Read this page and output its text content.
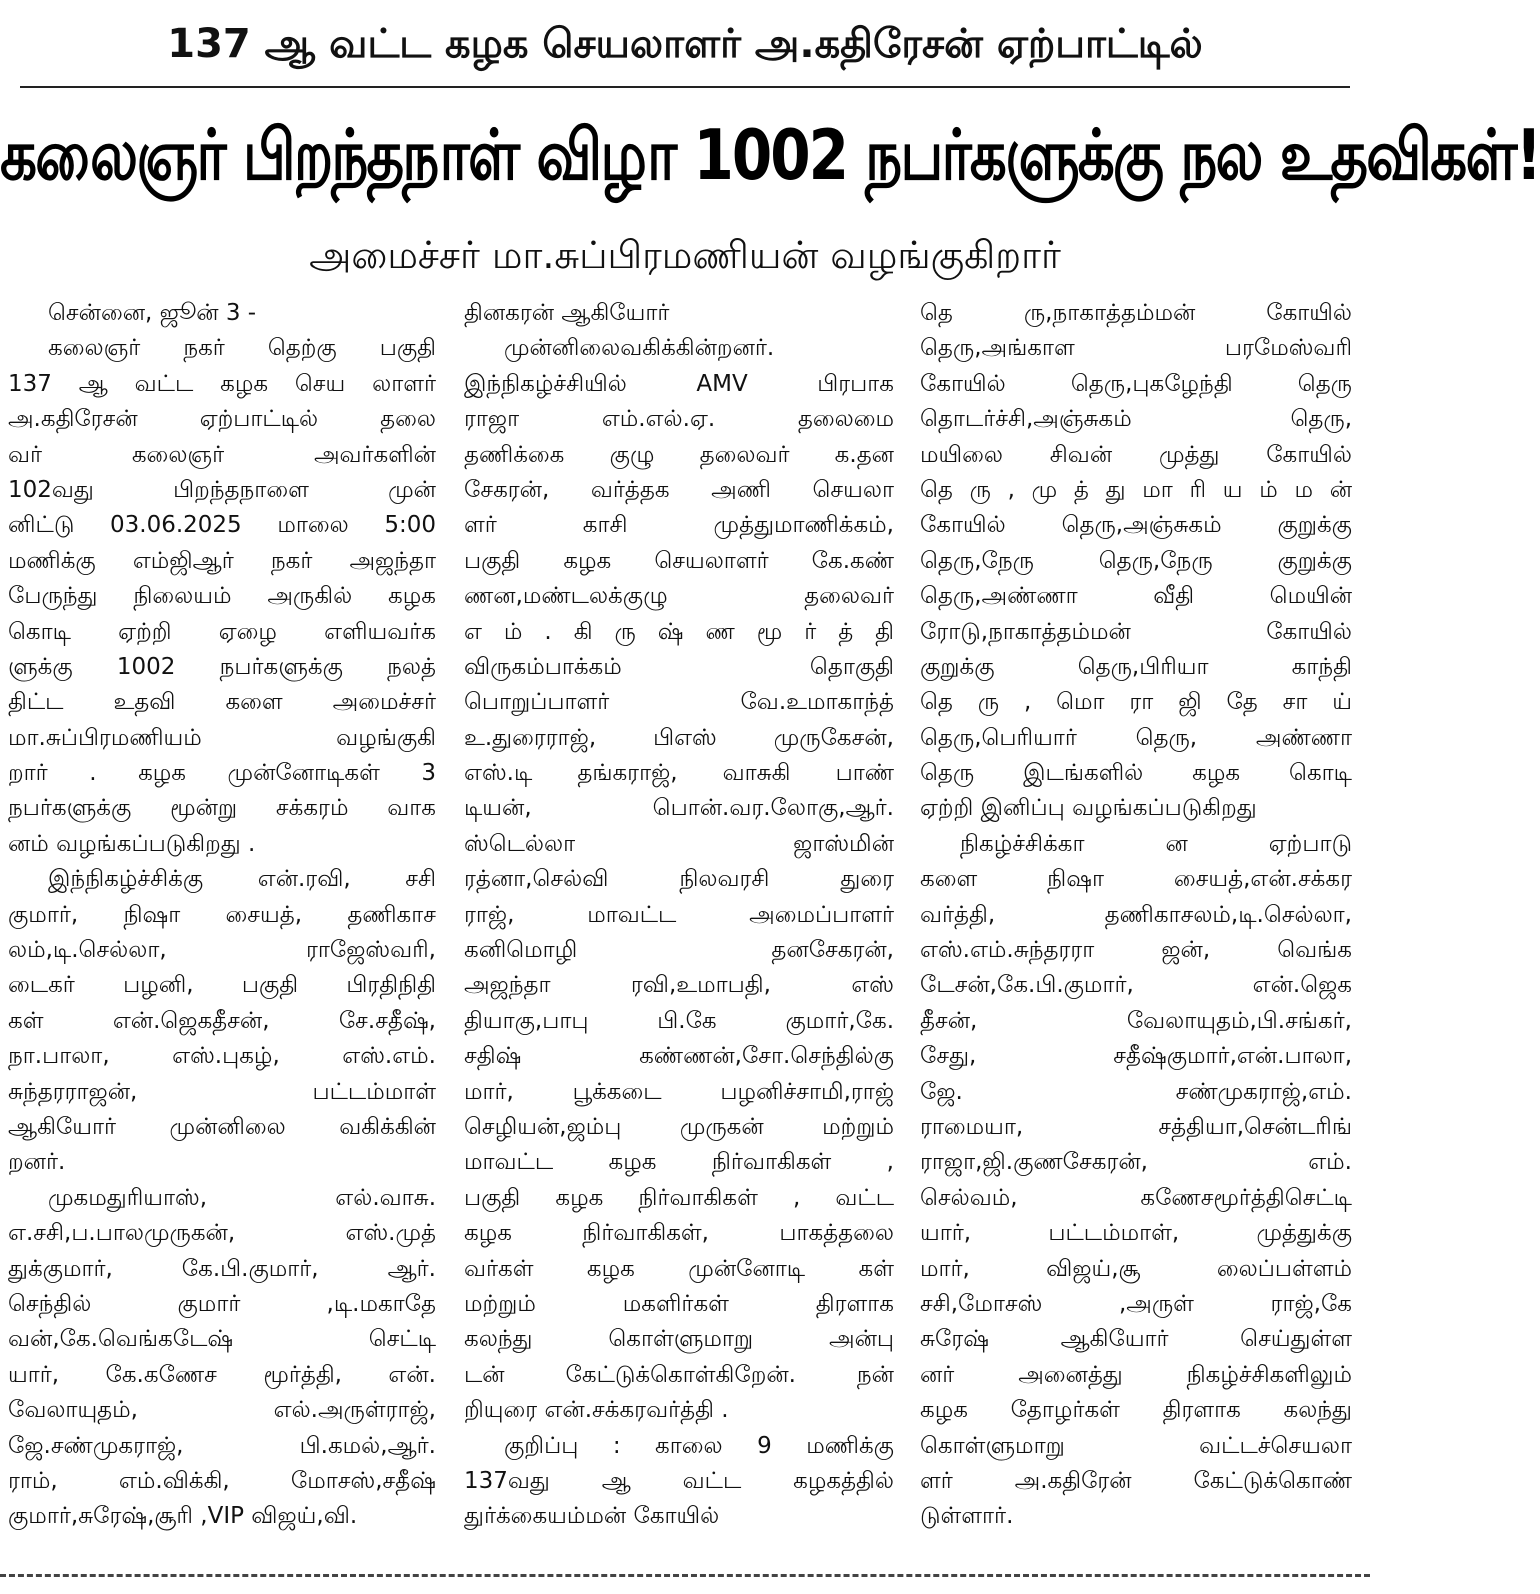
137 ஆ வட்ட கழக செயலாளர் அ.கதிரேசன் ஏற்பாட்டில்
கலைஞர் பிறந்தநாள் விழா 1002 நபர்களுக்கு நல உதவிகள்!
அமைச்சர் மா.சுப்பிரமணியன் வழங்குகிறார்
சென்னை, ஜூன் 3 -
கலைஞர் நகர் தெற்கு பகுதி
137 ஆ வட்ட கழக செய லாளர்
அ.கதிரேசன் ஏற்பாட்டில் தலை
வர் கலைஞர் அவர்களின்
102வது பிறந்தநாளை முன்
னிட்டு 03.06.2025 மாலை 5:00
மணிக்கு எம்ஜிஆர் நகர் அஜந்தா
பேருந்து நிலையம் அருகில் கழக
கொடி ஏற்றி ஏழை எளியவர்க
ளுக்கு 1002 நபர்களுக்கு நலத்
திட்ட உதவி களை அமைச்சர்
மா.சுப்பிரமணியம் வழங்குகி
றார் . கழக முன்னோடிகள் 3
நபர்களுக்கு மூன்று சக்கரம் வாக
னம் வழங்கப்படுகிறது .
இந்நிகழ்ச்சிக்கு என்.ரவி, சசி
குமார், நிஷா சையத், தணிகாச
லம்,டி.செல்லா, ராஜேஸ்வரி,
டைகர் பழனி, பகுதி பிரதிநிதி
கள் என்.ஜெகதீசன், சே.சதீஷ்,
நா.பாலா, எஸ்.புகழ், எஸ்.எம்.
சுந்தரராஜன், பட்டம்மாள்
ஆகியோர் முன்னிலை வகிக்கின்
றனர்.
முகமதுரியாஸ், எல்.வாசு.
எ.சசி,ப.பாலமுருகன், எஸ்.முத்
துக்குமார், கே.பி.குமார், ஆர்.
செந்தில் குமார் ,டி.மகாதே
வன்,கே.வெங்கடேஷ் செட்டி
யார், கே.கணேச மூர்த்தி, என்.
வேலாயுதம், எல்.அருள்ராஜ்,
ஜே.சண்முகராஜ், பி.கமல்,ஆர்.
ராம், எம்.விக்கி, மோசஸ்,சதீஷ்
குமார்,சுரேஷ்,சூரி ,VIP விஜய்,வி.
தினகரன் ஆகியோர்
முன்னிலைவகிக்கின்றனர்.
இந்நிகழ்ச்சியில் AMV பிரபாக
ராஜா எம்.எல்.ஏ. தலைமை
தணிக்கை குழு தலைவர் க.தன
சேகரன், வர்த்தக அணி செயலா
ளர் காசி முத்துமாணிக்கம்,
பகுதி கழக செயலாளர் கே.கண்
ணன,மண்டலக்குழு தலைவர்
எ ம் . கி ரு ஷ் ண மூ ர் த் தி
விருகம்பாக்கம் தொகுதி
பொறுப்பாளர் வே.உமாகாந்த்
உ.துரைராஜ், பிஎஸ் முருகேசன்,
எஸ்.டி தங்கராஜ், வாசுகி பாண்
டியன், பொன்.வர.லோகு,ஆர்.
ஸ்டெல்லா ஜாஸ்மின்
ரத்னா,செல்வி நிலவரசி துரை
ராஜ், மாவட்ட அமைப்பாளர்
கனிமொழி தனசேகரன்,
அஜந்தா ரவி,உமாபதி, எஸ்
தியாகு,பாபு பி.கே குமார்,கே.
சதிஷ் கண்ணன்,சோ.செந்தில்கு
மார், பூக்கடை பழனிச்சாமி,ராஜ்
செழியன்,ஜம்பு முருகன் மற்றும்
மாவட்ட கழக நிர்வாகிகள் ,
பகுதி கழக நிர்வாகிகள் , வட்ட
கழக நிர்வாகிகள், பாகத்தலை
வர்கள் கழக முன்னோடி கள்
மற்றும் மகளிர்கள் திரளாக
கலந்து கொள்ளுமாறு அன்பு
டன் கேட்டுக்கொள்கிறேன். நன்
றியுரை என்.சக்கரவர்த்தி .
குறிப்பு : காலை 9 மணிக்கு
137வது ஆ வட்ட கழகத்தில்
துர்க்கையம்மன் கோயில்
தெ ரு,நாகாத்தம்மன் கோயில்
தெரு,அங்காள பரமேஸ்வரி
கோயில் தெரு,புகழேந்தி தெரு
தொடர்ச்சி,அஞ்சுகம் தெரு,
மயிலை சிவன் முத்து கோயில்
தெ ரு , மு த் து மா ரி ய ம் ம ன்
கோயில் தெரு,அஞ்சுகம் குறுக்கு
தெரு,நேரு தெரு,நேரு குறுக்கு
தெரு,அண்ணா வீதி மெயின்
ரோடு,நாகாத்தம்மன் கோயில்
குறுக்கு தெரு,பிரியா காந்தி
தெ ரு , மொ ரா ஜி தே சா ய்
தெரு,பெரியார் தெரு, அண்ணா
தெரு இடங்களில் கழக கொடி
ஏற்றி இனிப்பு வழங்கப்படுகிறது
நிகழ்ச்சிக்கா ன ஏற்பாடு
களை நிஷா சையத்,என்.சக்கர
வர்த்தி, தணிகாசலம்,டி.செல்லா,
எஸ்.எம்.சுந்தரரா ஜன், வெங்க
டேசன்,கே.பி.குமார், என்.ஜெக
தீசன், வேலாயுதம்,பி.சங்கர்,
சேது, சதீஷ்குமார்,என்.பாலா,
ஜே. சண்முகராஜ்,எம்.
ராமையா, சத்தியா,சென்டரிங்
ராஜா,ஜி.குணசேகரன், எம்.
செல்வம், கணேசமூர்த்திசெட்டி
யார், பட்டம்மாள், முத்துக்கு
மார், விஜய்,சூ லைப்பள்ளம்
சசி,மோசஸ் ,அருள் ராஜ்,கே
சுரேஷ் ஆகியோர் செய்துள்ள
னர் அனைத்து நிகழ்ச்சிகளிலும்
கழக தோழர்கள் திரளாக கலந்து
கொள்ளுமாறு வட்டச்செயலா
ளர் அ.கதிரேன் கேட்டுக்கொண்
டுள்ளார்.
